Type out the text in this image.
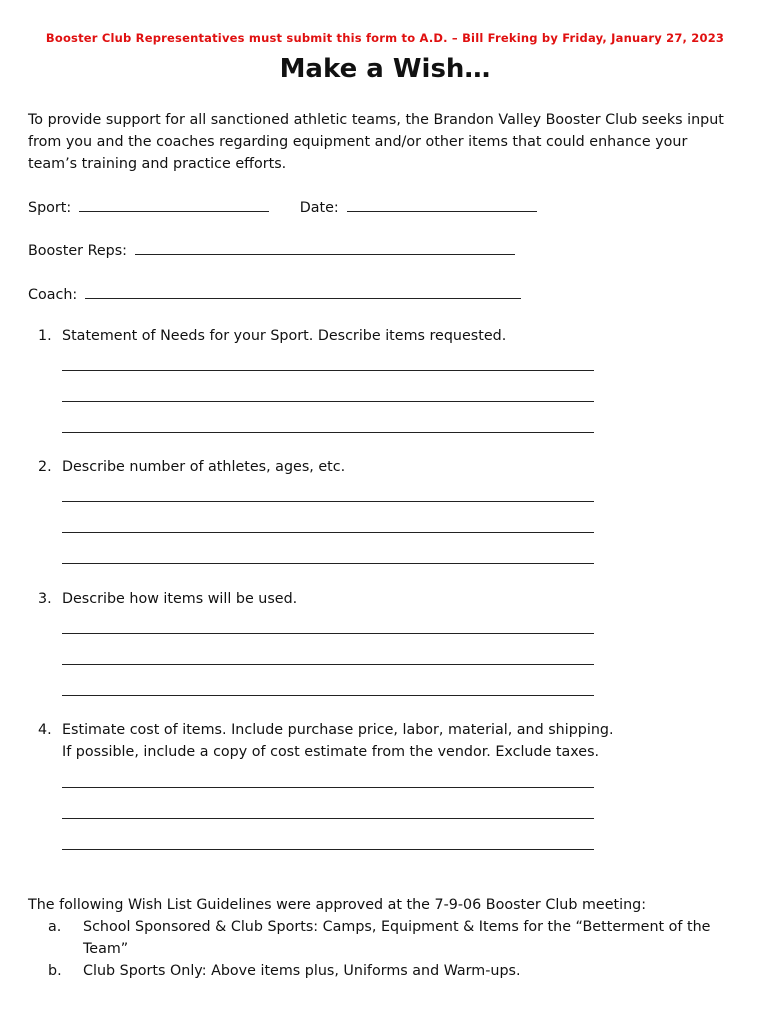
Booster Club Representatives must submit this form to A.D. – Bill Freking by Friday, January 27, 2023
Make a Wish…
To provide support for all sanctioned athletic teams, the Brandon Valley Booster Club seeks input from you and the coaches regarding equipment and/or other items that could enhance your team’s training and practice efforts.
Sport:	Date:
Booster Reps:
Coach:
1. Statement of Needs for your Sport. Describe items requested.
2. Describe number of athletes, ages, etc.
3. Describe how items will be used.
4. Estimate cost of items. Include purchase price, labor, material, and shipping.
If possible, include a copy of cost estimate from the vendor. Exclude taxes.
The following Wish List Guidelines were approved at the 7-9-06 Booster Club meeting:
a. School Sponsored & Club Sports: Camps, Equipment & Items for the “Betterment of the Team”
b. Club Sports Only: Above items plus, Uniforms and Warm-ups.
